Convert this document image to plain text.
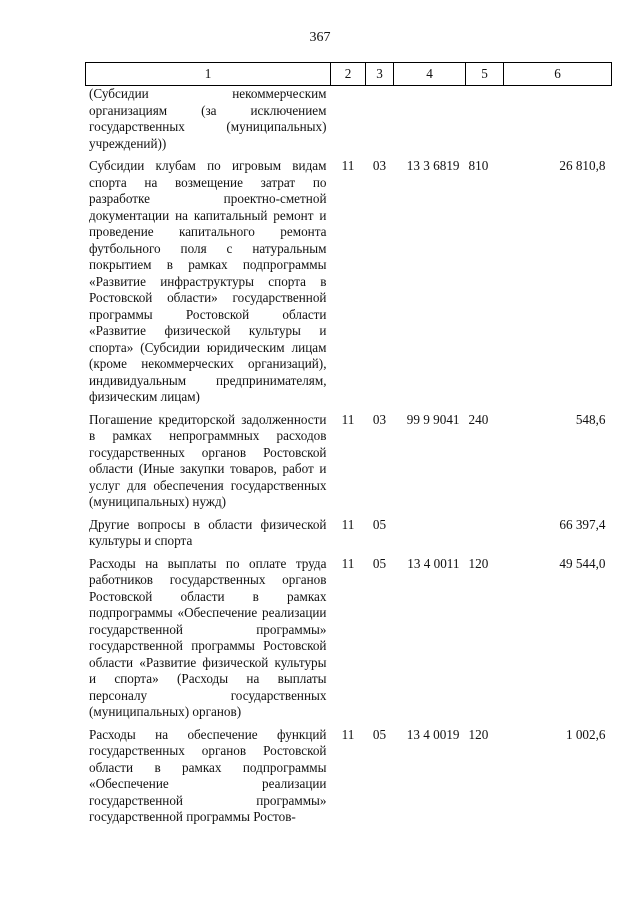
367
1	2	3	4	5	6
(Субсидии некоммерческим организациям (за исключением государственных (муниципальных) учреждений))					
Субсидии клубам по игровым видам спорта на возмещение затрат по разработке проектно-сметной документации на капитальный ремонт и проведение капитального ремонта футбольного поля с натуральным покрытием в рамках подпрограммы «Развитие инфраструктуры спорта в Ростовской области» государственной программы Ростовской области «Развитие физической культуры и спорта» (Субсидии юридическим лицам (кроме некоммерческих организаций), индивидуальным предпринимателям, физическим лицам)	11	03	13 3 6819	810	26 810,8
Погашение кредиторской задолженности в рамках непрограммных расходов государственных органов Ростовской области (Иные закупки товаров, работ и услуг для обеспечения государственных (муниципальных) нужд)	11	03	99 9 9041	240	548,6
Другие вопросы в области физической культуры и спорта	11	05			66 397,4
Расходы на выплаты по оплате труда работников государственных органов Ростовской области в рамках подпрограммы «Обеспечение реализации государственной программы» государственной программы Ростовской области «Развитие физической культуры и спорта» (Расходы на выплаты персоналу государственных (муниципальных) органов)	11	05	13 4 0011	120	49 544,0
Расходы на обеспечение функций государственных органов Ростовской области в рамках подпрограммы «Обеспечение реализации государственной программы» государственной программы Ростов-	11	05	13 4 0019	120	1 002,6
